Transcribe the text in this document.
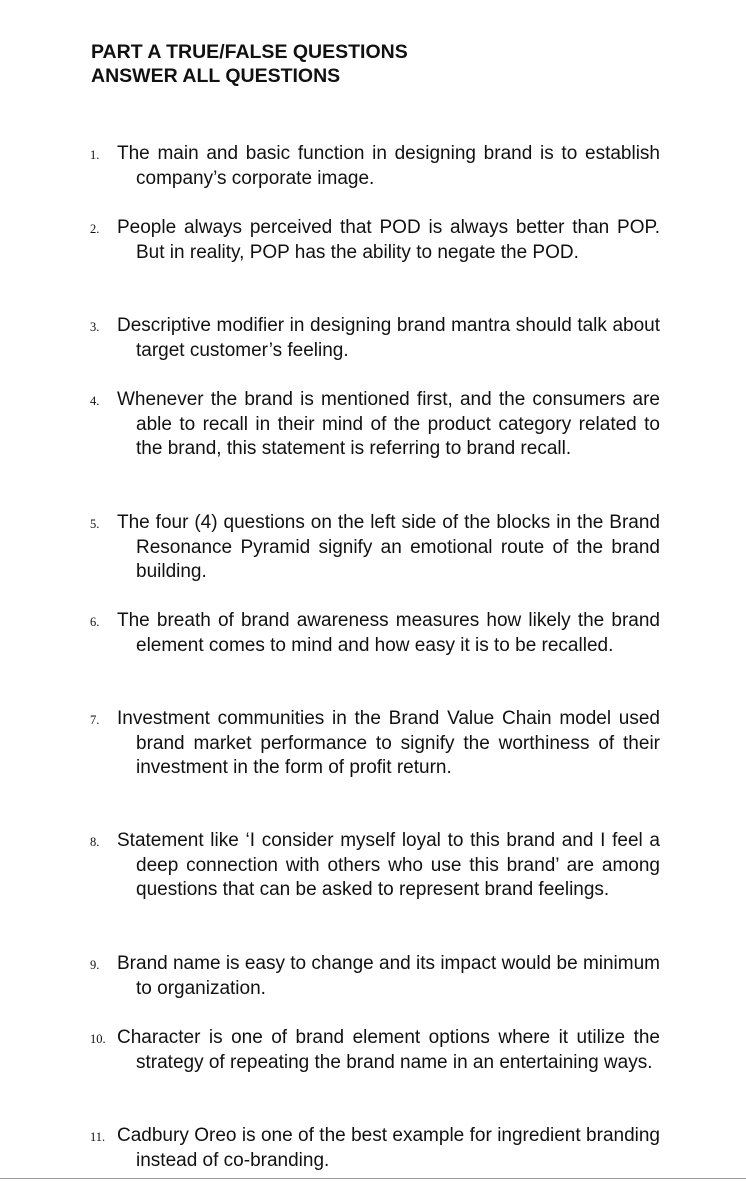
PART A TRUE/FALSE QUESTIONS
ANSWER ALL QUESTIONS
1. The main and basic function in designing brand is to establish company’s corporate image.
2. People always perceived that POD is always better than POP. But in reality, POP has the ability to negate the POD.
3. Descriptive modifier in designing brand mantra should talk about target customer’s feeling.
4. Whenever the brand is mentioned first, and the consumers are able to recall in their mind of the product category related to the brand, this statement is referring to brand recall.
5. The four (4) questions on the left side of the blocks in the Brand Resonance Pyramid signify an emotional route of the brand building.
6. The breath of brand awareness measures how likely the brand element comes to mind and how easy it is to be recalled.
7. Investment communities in the Brand Value Chain model used brand market performance to signify the worthiness of their investment in the form of profit return.
8. Statement like ‘I consider myself loyal to this brand and I feel a deep connection with others who use this brand’ are among questions that can be asked to represent brand feelings.
9. Brand name is easy to change and its impact would be minimum to organization.
10. Character is one of brand element options where it utilize the strategy of repeating the brand name in an entertaining ways.
11. Cadbury Oreo is one of the best example for ingredient branding instead of co-branding.
